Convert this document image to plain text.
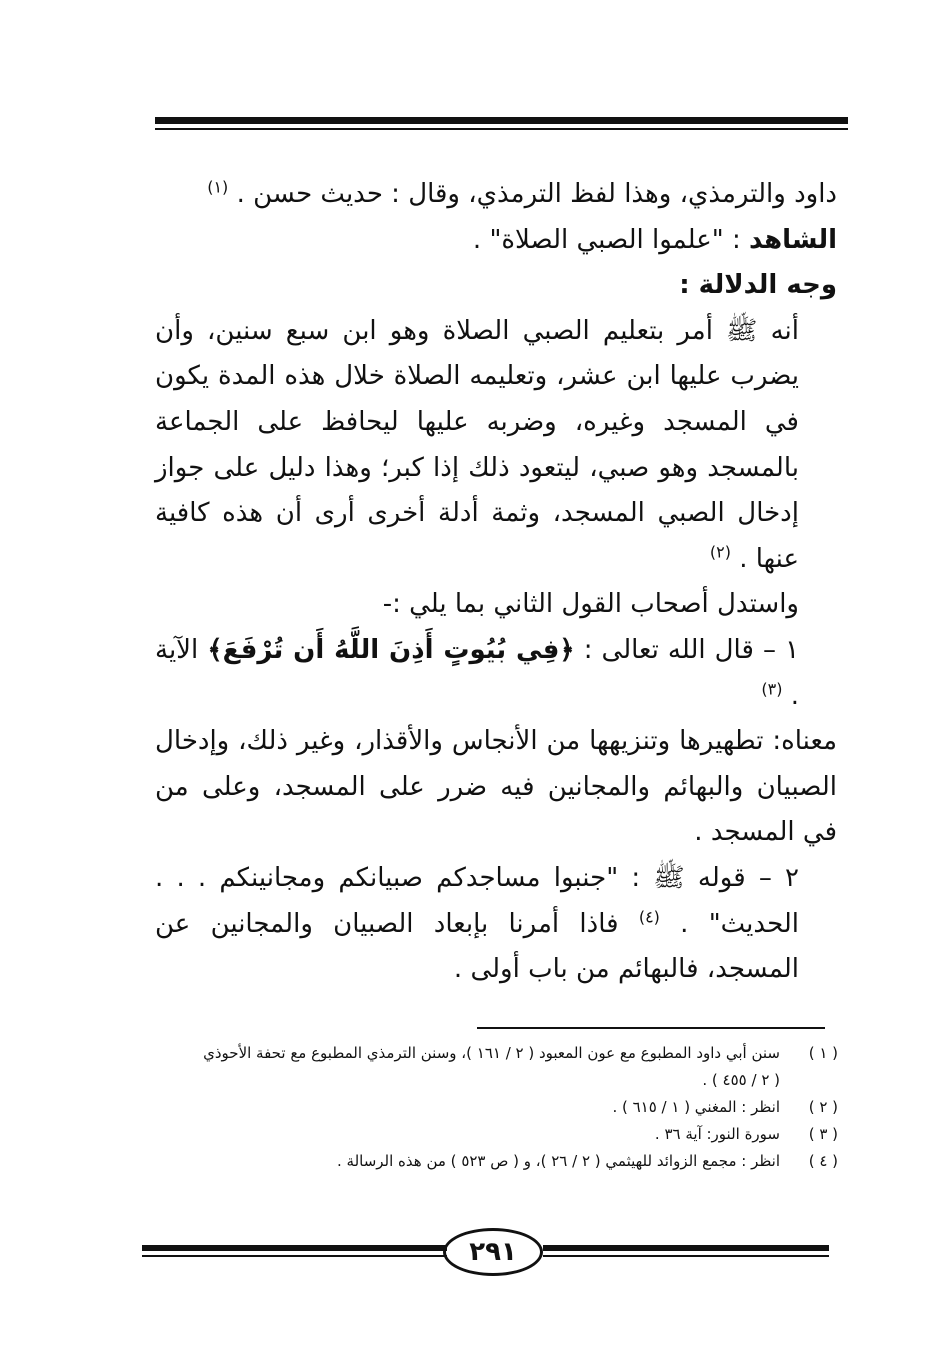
داود والترمذي، وهذا لفظ الترمذي، وقال : حديث حسن . $^{(١)}$

الشاهد : "علموا الصبي الصلاة" .

وجه الدلالة :

أنه ﷺ أمر بتعليم الصبي الصلاة وهو ابن سبع سنين، وأن يضرب عليها ابن عشر، وتعليمه الصلاة خلال هذه المدة يكون في المسجد وغيره، وضربه عليها ليحافظ على الجماعة بالمسجد وهو صبي، ليتعود ذلك إذا كبر؛ وهذا دليل على جواز إدخال الصبي المسجد، وثمة أدلة أخرى أرى أن هذه كافية عنها . $^{(٢)}$

واستدل أصحاب القول الثاني بما يلي :-

١ – قال الله تعالى : ﴿فِي بُيُوتٍ أَذِنَ اللَّهُ أَن تُرْفَعَ﴾ الآية . $^{(٣)}$

معناه: تطهيرها وتنزيهها من الأنجاس والأقذار، وغير ذلك، وإدخال الصبيان والبهائم والمجانين فيه ضرر على المسجد، وعلى من في المسجد .

٢ – قوله ﷺ : "جنبوا مساجدكم صبيانكم ومجانينكم . . . الحديث" . $^{(٤)}$ فاذا أمرنا بإبعاد الصبيان والمجانين عن المسجد، فالبهائم من باب أولى .

( ١ )
سنن أبي داود المطبوع مع عون المعبود ( ٢ / ١٦١ )، وسنن الترمذي المطبوع مع تحفة الأحوذي
( ٢ / ٤٥٥ ) .
( ٢ )
انظر : المغني ( ١ / ٦١٥ ) .
( ٣ )
سورة النور: آية ٣٦ .
( ٤ )
انظر : مجمع الزوائد للهيثمي ( ٢ / ٢٦ )، و ( ص ٥٢٣ ) من هذه الرسالة .
٢٩١
